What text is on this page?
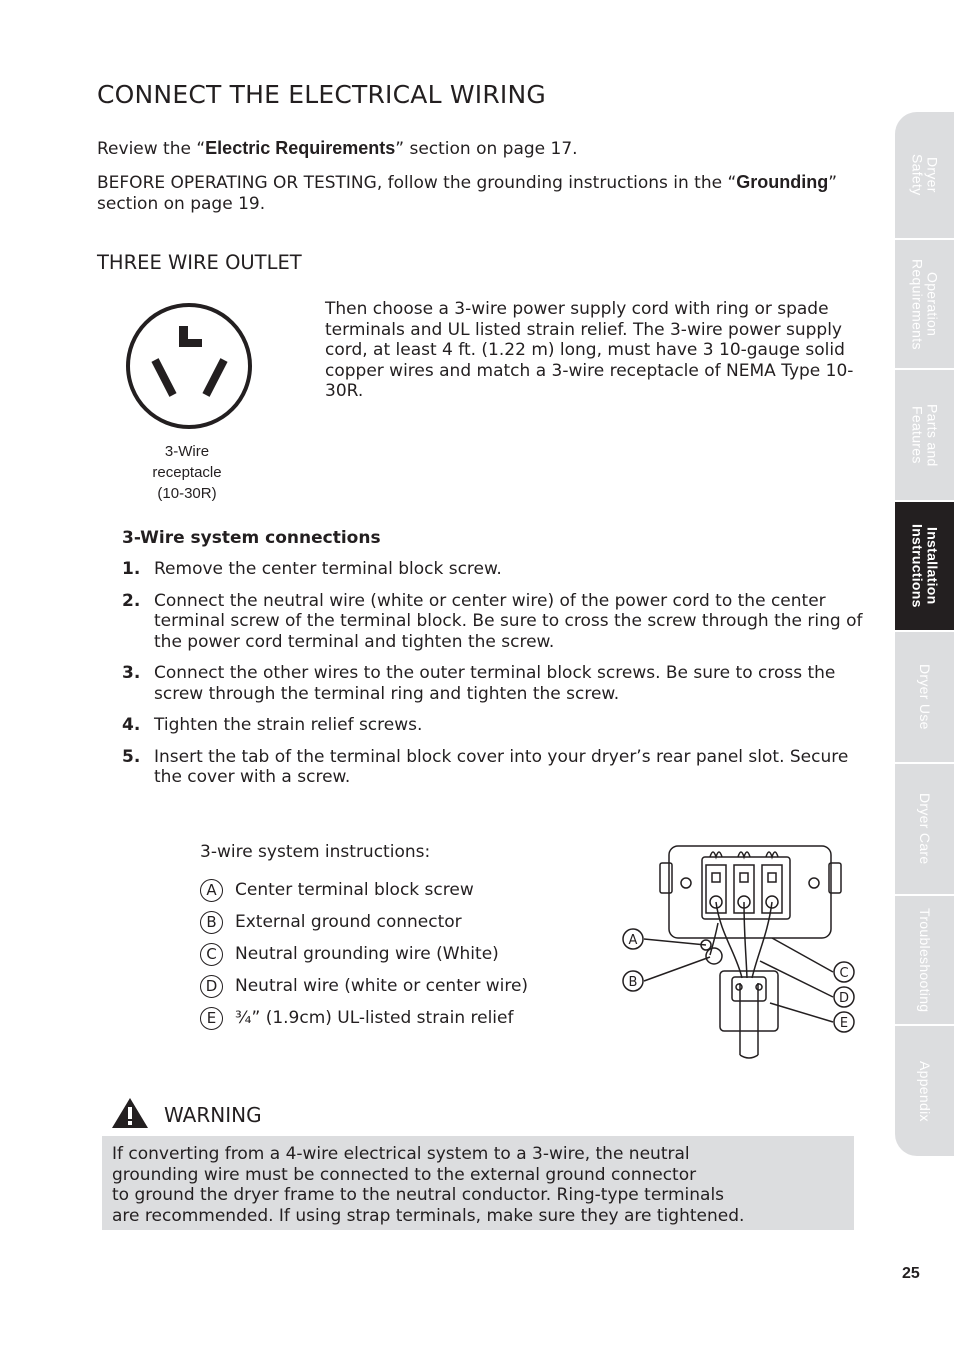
CONNECT THE ELECTRICAL WIRING

Review the “Electric Requirements” section on page 17.

BEFORE OPERATING OR TESTING, follow the grounding instructions in the “Grounding” section on page 19.

THREE WIRE OUTLET
3-Wire
receptacle
(10-30R)
Then choose a 3-wire power supply cord with ring or spade terminals and UL listed strain relief. The 3-wire power supply cord, at least 4 ft. (1.22 m) long, must have 3 10-gauge solid copper wires and match a 3-wire receptacle of NEMA Type 10-30R.
3-Wire system connections
1. Remove the center terminal block screw.
2. Connect the neutral wire (white or center wire) of the power cord to the center terminal screw of the terminal block. Be sure to cross the screw through the ring of the power cord terminal and tighten the screw.
3. Connect the other wires to the outer terminal block screws. Be sure to cross the screw through the terminal ring and tighten the screw.
4. Tighten the strain relief screws.
5. Insert the tab of the terminal block cover into your dryer’s rear panel slot. Secure the cover with a screw.
3-wire system instructions:
A	Center terminal block screw
B	External ground connector
C	Neutral grounding wire (White)
D	Neutral wire (white or center wire)
E	¾” (1.9cm) UL-listed strain relief
A
B
C
D
E
WARNING
If converting from a 4-wire electrical system to a 3-wire, the neutral
grounding wire must be connected to the external ground connector
to ground the dryer frame to the neutral conductor. Ring-type terminals
are recommended. If using strap terminals, make sure they are tightened.
25
Dryer
Safety
Operation
Requirements
Parts and
Features
Installation
Instructions
Dryer Use
Dryer Care
Troubleshooting
Appendix
